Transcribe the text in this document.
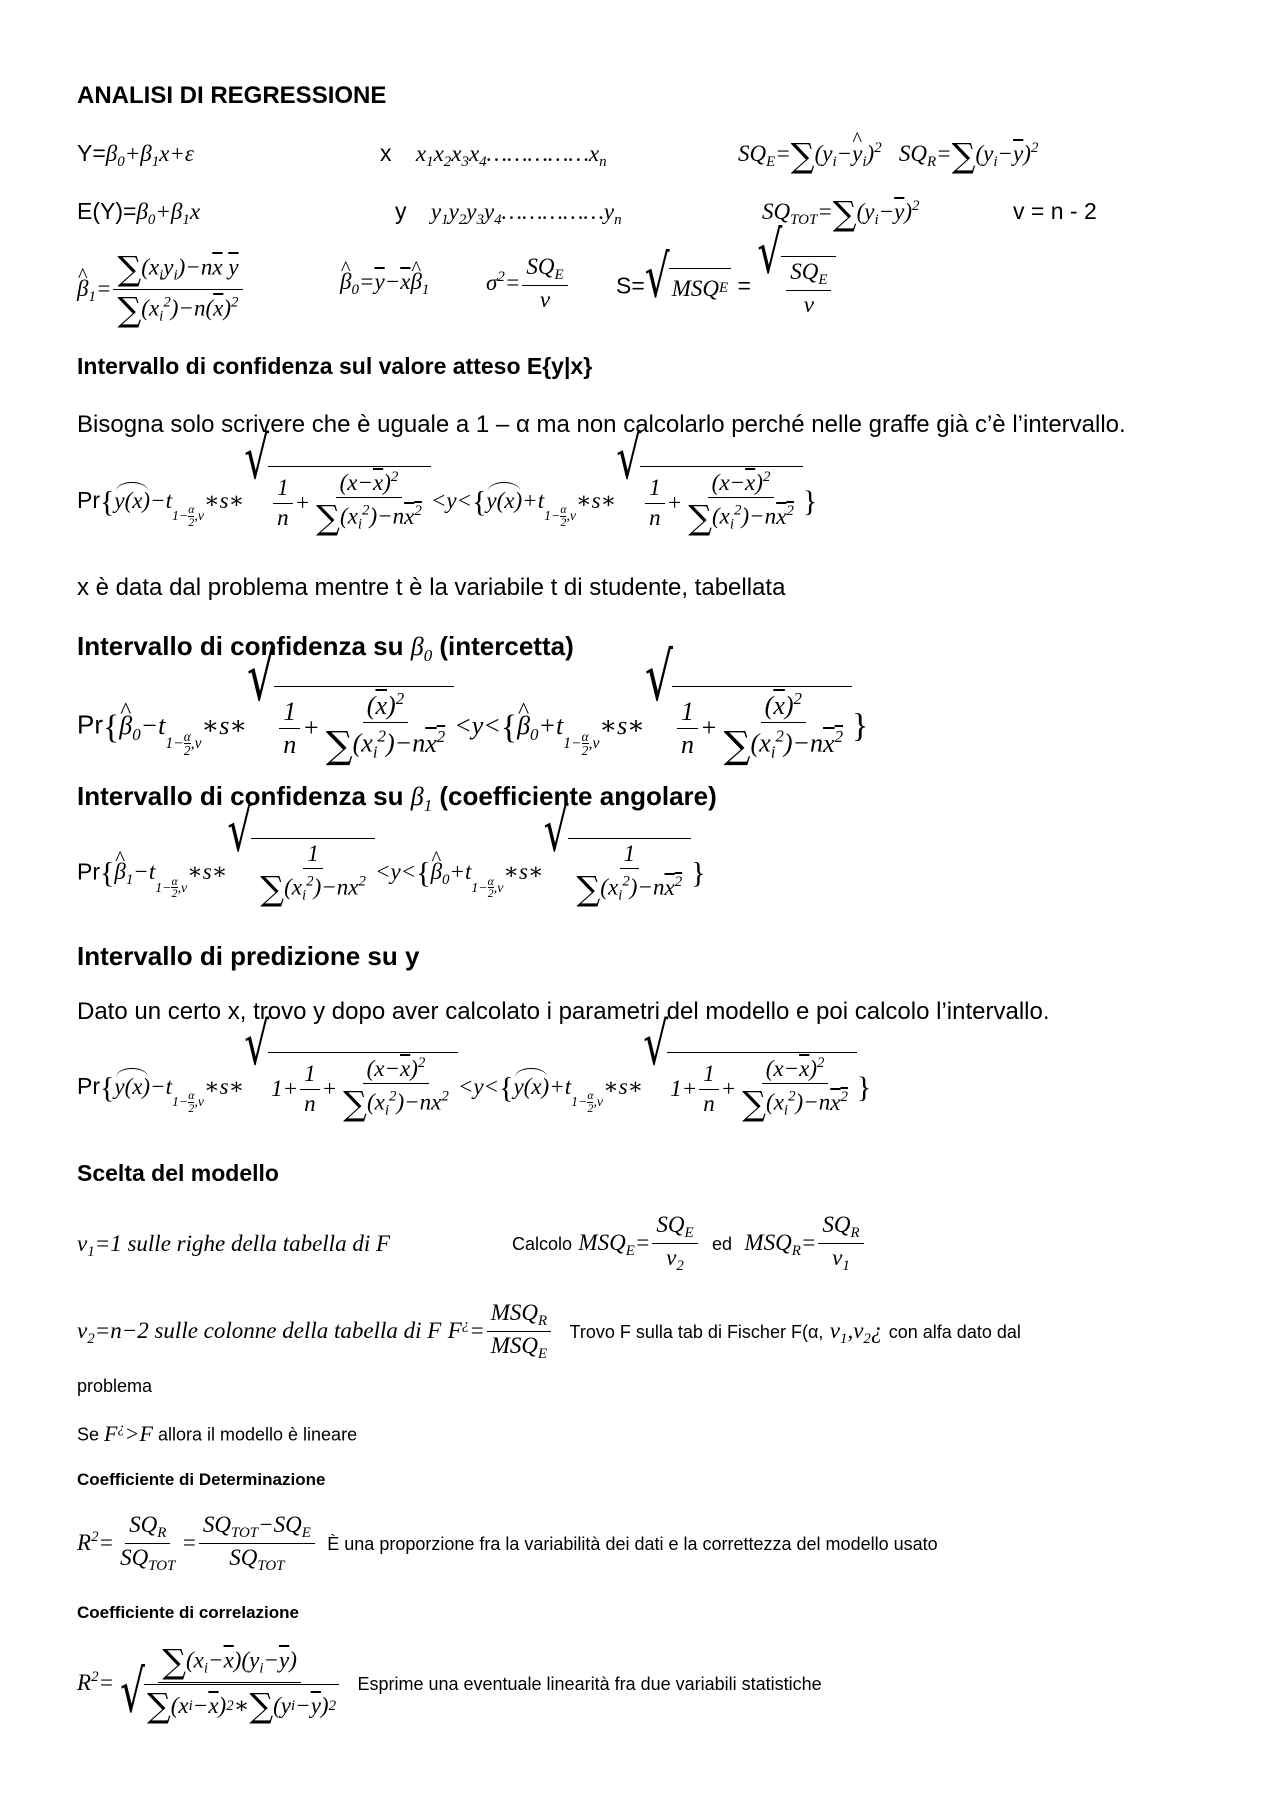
ANALISI DI REGRESSIONE
$Y=\beta_0+\beta_1x+\varepsilon$	x $x_1x_2x_3x_4\dots\dots\dots\dots\dots x_n$	$SQ_E=\sum(y_i-\^{}$ $y_i)^2$   $SQ_R=\sum(y_i-\overline{y})^2$
$E(Y)=\beta_0+\beta_1x$	y $y_1y_2y_3y_4\dots\dots\dots\dots\dots y_n$	$SQ_{TOT}=\sum(y_i-\overline{y})^2$	v = n - 2
^ $\beta_1= \frac{\sum(x_iy_i)-n\overline{x} \overline{y}}{\sum(x_i^2)-n(\overline{x})^2}$	^ $\beta_0=\overline{y}-\overline{x}\^{}$ $\beta_1$ $\sigma^2= \frac{SQ_E}{v} S=$ √ MSQ E = √
$\frac{SQ_E}{v}$
Intervallo di confidenza sul valore atteso E{y|x}
Bisogna solo scrivere che è uguale a 1 – α ma non calcolarlo perché nelle graffe già c’è l’intervallo.
Pr{y(x)−t
1− α
2 ,v
∗s∗
√
$\frac{1}{n} + \frac{(x-\overline{x})^2}{\sum(x_i^2)-nx^2} <y<\{y(x)+t$
1− α
2 ,v
∗s∗
√
$\frac{1}{n} + \frac{(x-\overline{x})^2}{\sum(x_i^2)-nx^2}$ }
x è data dal problema mentre t è la variabile t di studente, tabellata
Intervallo di confidenza su $\beta_0$ (intercetta)
Pr{^ $\beta_0-t$
1− α
2 ,v
∗s∗
√
$\frac{1}{n} + \frac{(\overline{x})^2}{\sum(x_i^2)-nx^2}$ <y<{^ $\beta_0+t$
1− α
2 ,v
∗s∗
√
$\frac{1}{n} + \frac{(\overline{x})^2}{\sum(x_i^2)-nx^2}$ }
Intervallo di confidenza su $\beta_1$ (coefficiente angolare)
Pr{^ $\beta_1-t$
1− α
2 ,v
∗s∗
√
$\frac{1}{\sum(x_i^2)-nx^2}$ <y<{^ $\beta_0+t$
1− α
2 ,v
∗s∗
√
$\frac{1}{\sum(x_i^2)-nx^2}$ }
Intervallo di predizione su y
Dato un certo x, trovo y dopo aver calcolato i parametri del modello e poi calcolo l’intervallo.
Pr{y(x)−t
1− α
2 ,v
∗s∗
√
$1+ \frac{1}{n} + \frac{(x-\overline{x})^2}{\sum(x_i^2)-nx^2} <y<\{y(x)+t$
1− α
2 ,v
∗s∗
√
$1+ \frac{1}{n} + \frac{(x-\overline{x})^2}{\sum(x_i^2)-nx^2}$ }
Scelta del modello
$v_1=1$ sulle righe della tabella di F	Calcolo $MSQ_E= \frac{SQ_E}{v_2}$ ed $MSQ_R= \frac{SQ_R}{v_1}$
$v_2=n-2$ sulle colonne della tabella di F $F^¿= \frac{MSQ_R}{MSQ_E}$ Trovo F sulla tab di Fischer F(α, $v_1,v_2¿$ con alfa dato dal
problema
Se F¿>F allora il modello è lineare
Coefficiente di Determinazione
$R^2= \frac{SQ_R}{SQ_{TOT}} = \frac{SQ_{TOT}-SQ_E}{SQ_{TOT}}$ È una proporzione fra la variabilità dei dati e la correttezza del modello usato
Coefficiente di correlazione
$R^2= \frac{\sum(x_i-\overline{x})(y_i-\overline{y})}{√ \sum (x i - \overline{x} ) 2 ∗ \sum (y i - \overline{y} ) 2}$ Esprime una eventuale linearità fra due variabili statistiche
